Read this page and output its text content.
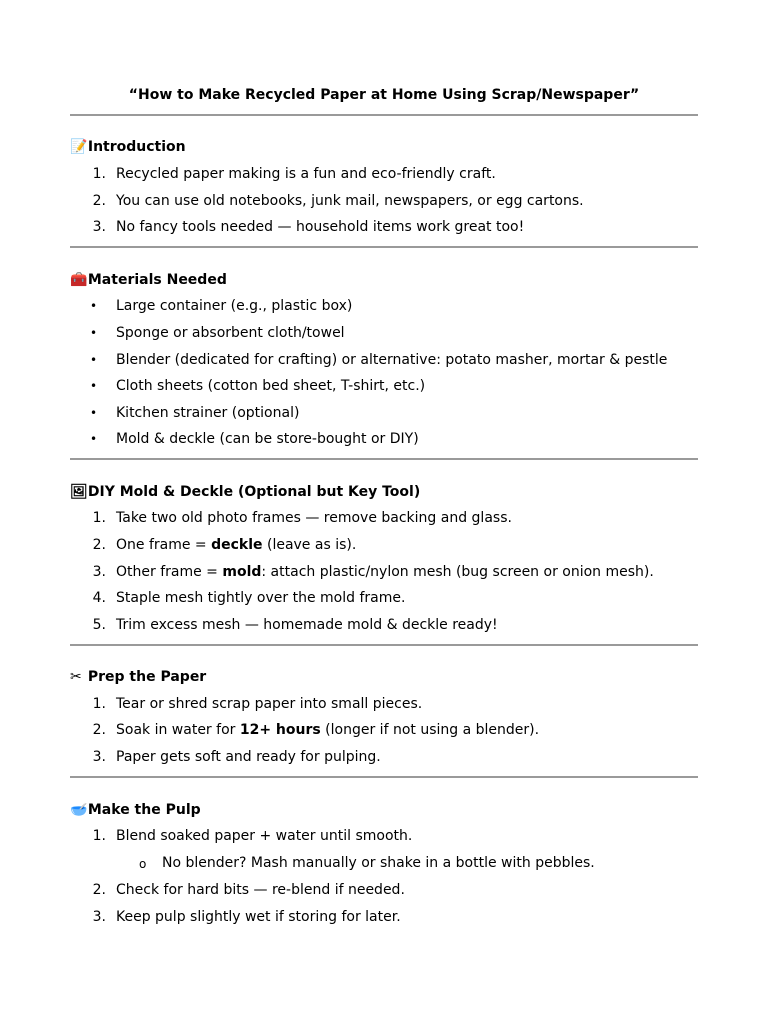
“How to Make Recycled Paper at Home Using Scrap/Newspaper”

📝 Introduction

1. Recycled paper making is a fun and eco-friendly craft.
2. You can use old notebooks, junk mail, newspapers, or egg cartons.
3. No fancy tools needed — household items work great too!

🧰 Materials Needed

• Large container (e.g., plastic box)
• Sponge or absorbent cloth/towel
• Blender (dedicated for crafting) or alternative: potato masher, mortar & pestle
• Cloth sheets (cotton bed sheet, T-shirt, etc.)
• Kitchen strainer (optional)
• Mold & deckle (can be store-bought or DIY)

🖼 DIY Mold & Deckle (Optional but Key Tool)

1. Take two old photo frames — remove backing and glass.
2. One frame = deckle (leave as is).
3. Other frame = mold: attach plastic/nylon mesh (bug screen or onion mesh).
4. Staple mesh tightly over the mold frame.
5. Trim excess mesh — homemade mold & deckle ready!

✂ Prep the Paper

1. Tear or shred scrap paper into small pieces.
2. Soak in water for 12+ hours (longer if not using a blender).
3. Paper gets soft and ready for pulping.

🥣 Make the Pulp

1. Blend soaked paper + water until smooth.
o No blender? Mash manually or shake in a bottle with pebbles.
2. Check for hard bits — re-blend if needed.
3. Keep pulp slightly wet if storing for later.
